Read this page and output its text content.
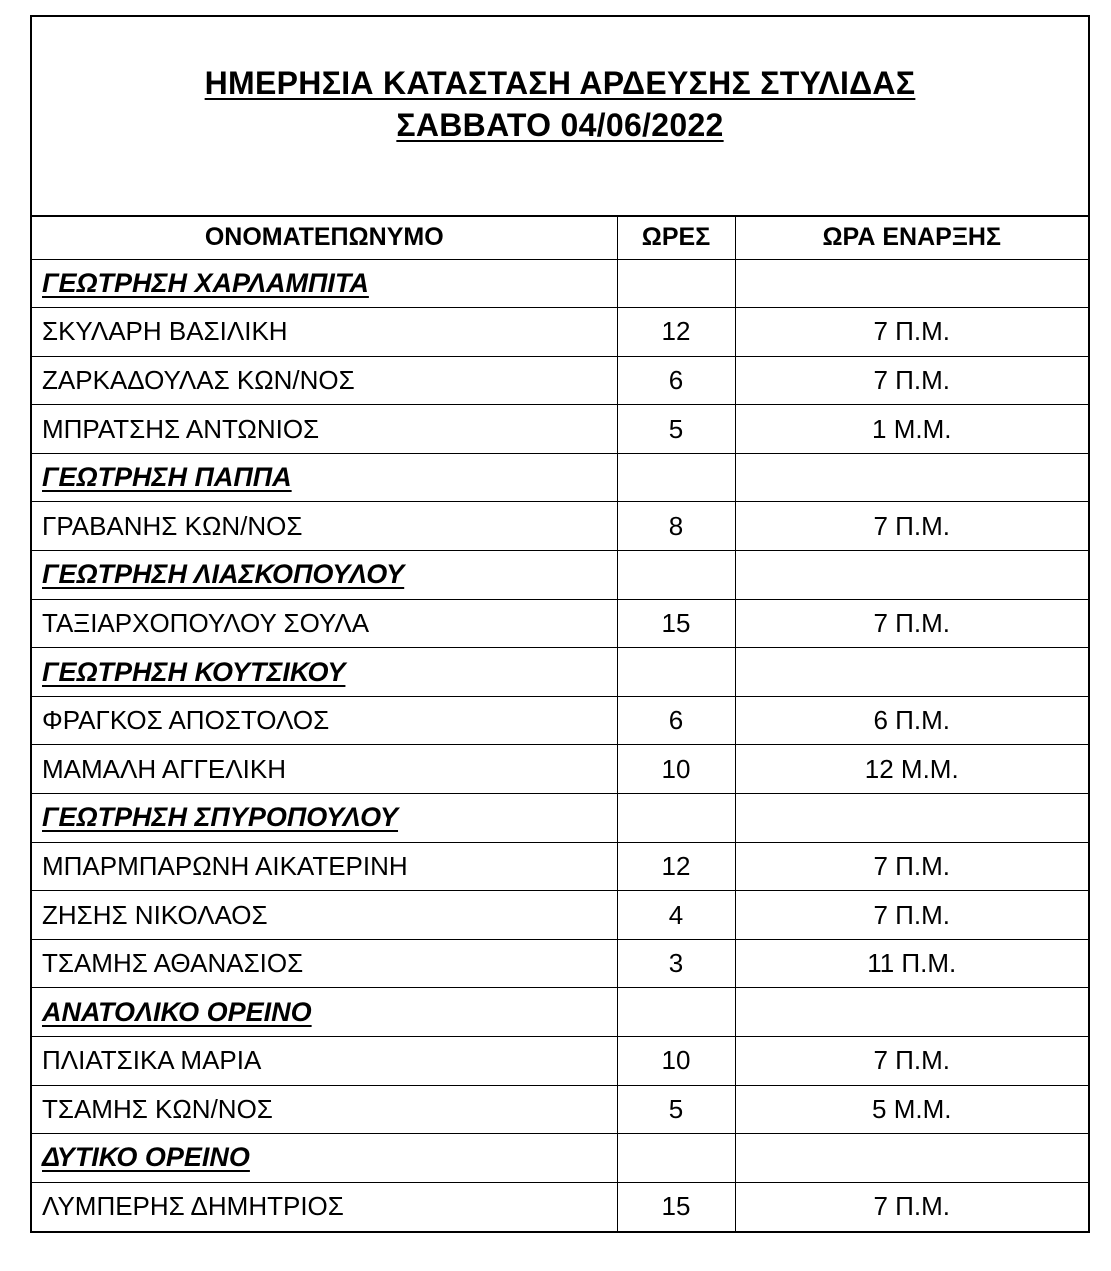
ΗΜΕΡΗΣΙΑ ΚΑΤΑΣΤΑΣΗ ΑΡΔΕΥΣΗΣ ΣΤΥΛΙΔΑΣ
ΣΑΒΒΑΤΟ 04/06/2022
ΟΝΟΜΑΤΕΠΩΝΥΜΟ	ΩΡΕΣ	ΩΡΑ ΕΝΑΡΞΗΣ
ΓΕΩΤΡΗΣΗ ΧΑΡΛΑΜΠΙΤΑ		
ΣΚΥΛΑΡΗ ΒΑΣΙΛΙΚΗ	12	7 Π.Μ.
ΖΑΡΚΑΔΟΥΛΑΣ ΚΩΝ/ΝΟΣ	6	7 Π.Μ.
ΜΠΡΑΤΣΗΣ ΑΝΤΩΝΙΟΣ	5	1 Μ.Μ.
ΓΕΩΤΡΗΣΗ ΠΑΠΠΑ		
ΓΡΑΒΑΝΗΣ ΚΩΝ/ΝΟΣ	8	7 Π.Μ.
ΓΕΩΤΡΗΣΗ ΛΙΑΣΚΟΠΟΥΛΟΥ		
ΤΑΞΙΑΡΧΟΠΟΥΛΟΥ ΣΟΥΛΑ	15	7 Π.Μ.
ΓΕΩΤΡΗΣΗ ΚΟΥΤΣΙΚΟΥ		
ΦΡΑΓΚΟΣ ΑΠΟΣΤΟΛΟΣ	6	6 Π.Μ.
ΜΑΜΑΛΗ ΑΓΓΕΛΙΚΗ	10	12 Μ.Μ.
ΓΕΩΤΡΗΣΗ ΣΠΥΡΟΠΟΥΛΟΥ		
ΜΠΑΡΜΠΑΡΩΝΗ ΑΙΚΑΤΕΡΙΝΗ	12	7 Π.Μ.
ΖΗΣΗΣ ΝΙΚΟΛΑΟΣ	4	7 Π.Μ.
ΤΣΑΜΗΣ ΑΘΑΝΑΣΙΟΣ	3	11 Π.Μ.
ΑΝΑΤΟΛΙΚΟ ΟΡΕΙΝΟ		
ΠΛΙΑΤΣΙΚΑ ΜΑΡΙΑ	10	7 Π.Μ.
ΤΣΑΜΗΣ ΚΩΝ/ΝΟΣ	5	5 Μ.Μ.
ΔΥΤΙΚΟ ΟΡΕΙΝΟ		
ΛΥΜΠΕΡΗΣ ΔΗΜΗΤΡΙΟΣ	15	7 Π.Μ.
